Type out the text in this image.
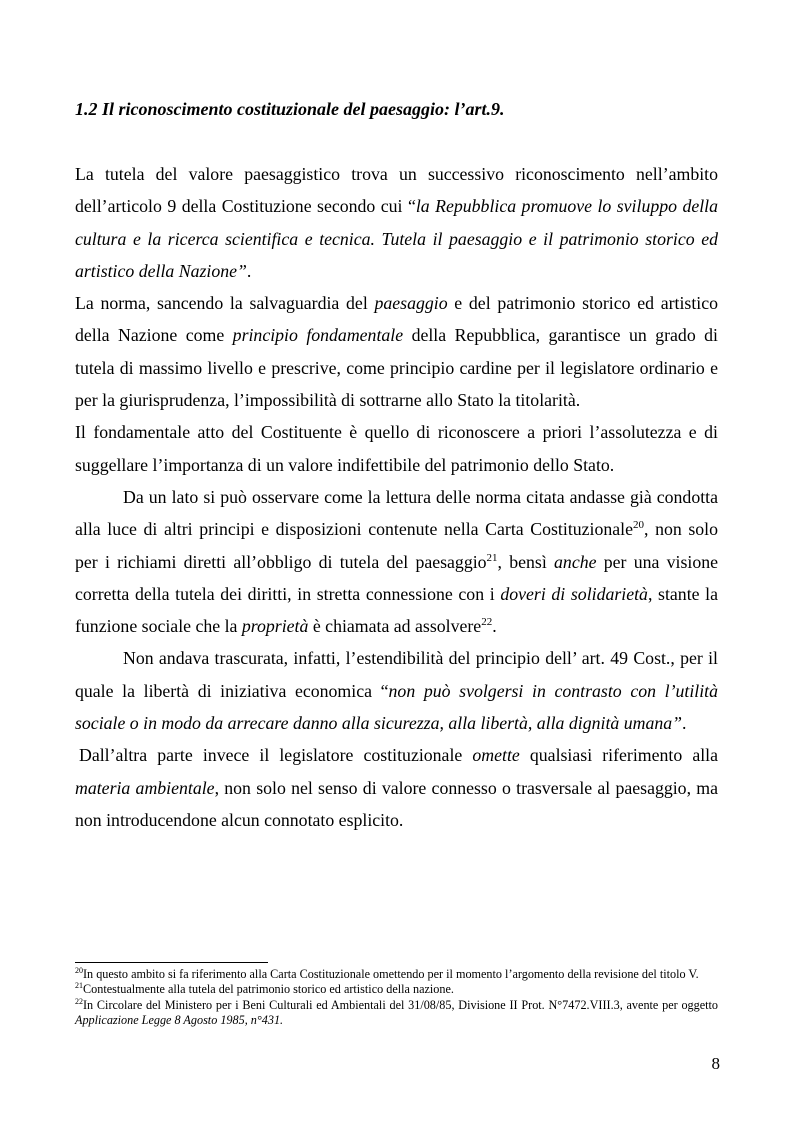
1.2 Il riconoscimento costituzionale del paesaggio: l’art.9.

La tutela del valore paesaggistico trova un successivo riconoscimento nell’ambito dell’articolo 9 della Costituzione secondo cui “la Repubblica promuove lo sviluppo della cultura e la ricerca scientifica e tecnica. Tutela il paesaggio e il patrimonio storico ed artistico della Nazione”.

La norma, sancendo la salvaguardia del paesaggio e del patrimonio storico ed artistico della Nazione come principio fondamentale della Repubblica, garantisce un grado di tutela di massimo livello e prescrive, come principio cardine per il legislatore ordinario e per la giurisprudenza, l’impossibilità di sottrarne allo Stato la titolarità.

Il fondamentale atto del Costituente è quello di riconoscere a priori l’assolutezza e di suggellare l’importanza di un valore indifettibile del patrimonio dello Stato.

Da un lato si può osservare come la lettura delle norma citata andasse già condotta alla luce di altri principi e disposizioni contenute nella Carta Costituzionale$^{20}$, non solo per i richiami diretti all’obbligo di tutela del paesaggio$^{21}$, bensì anche per una visione corretta della tutela dei diritti, in stretta connessione con i doveri di solidarietà, stante la funzione sociale che la proprietà è chiamata ad assolvere$^{22}$.

Non andava trascurata, infatti, l’estendibilità del principio dell’ art. 49 Cost., per il quale la libertà di iniziativa economica “non può svolgersi in contrasto con l’utilità sociale o in modo da arrecare danno alla sicurezza, alla libertà, alla dignità umana”.

Dall’altra parte invece il legislatore costituzionale omette qualsiasi riferimento alla materia ambientale, non solo nel senso di valore connesso o trasversale al paesaggio, ma non introducendone alcun connotato esplicito.

$^{20}$In questo ambito si fa riferimento alla Carta Costituzionale omettendo per il momento l’argomento della revisione del titolo V.

$^{21}$Contestualmente alla tutela del patrimonio storico ed artistico della nazione.

$^{22}$In Circolare del Ministero per i Beni Culturali ed Ambientali del 31/08/85, Divisione II Prot. N°7472.VIII.3, avente per oggetto Applicazione Legge 8 Agosto 1985, n°431.

8
